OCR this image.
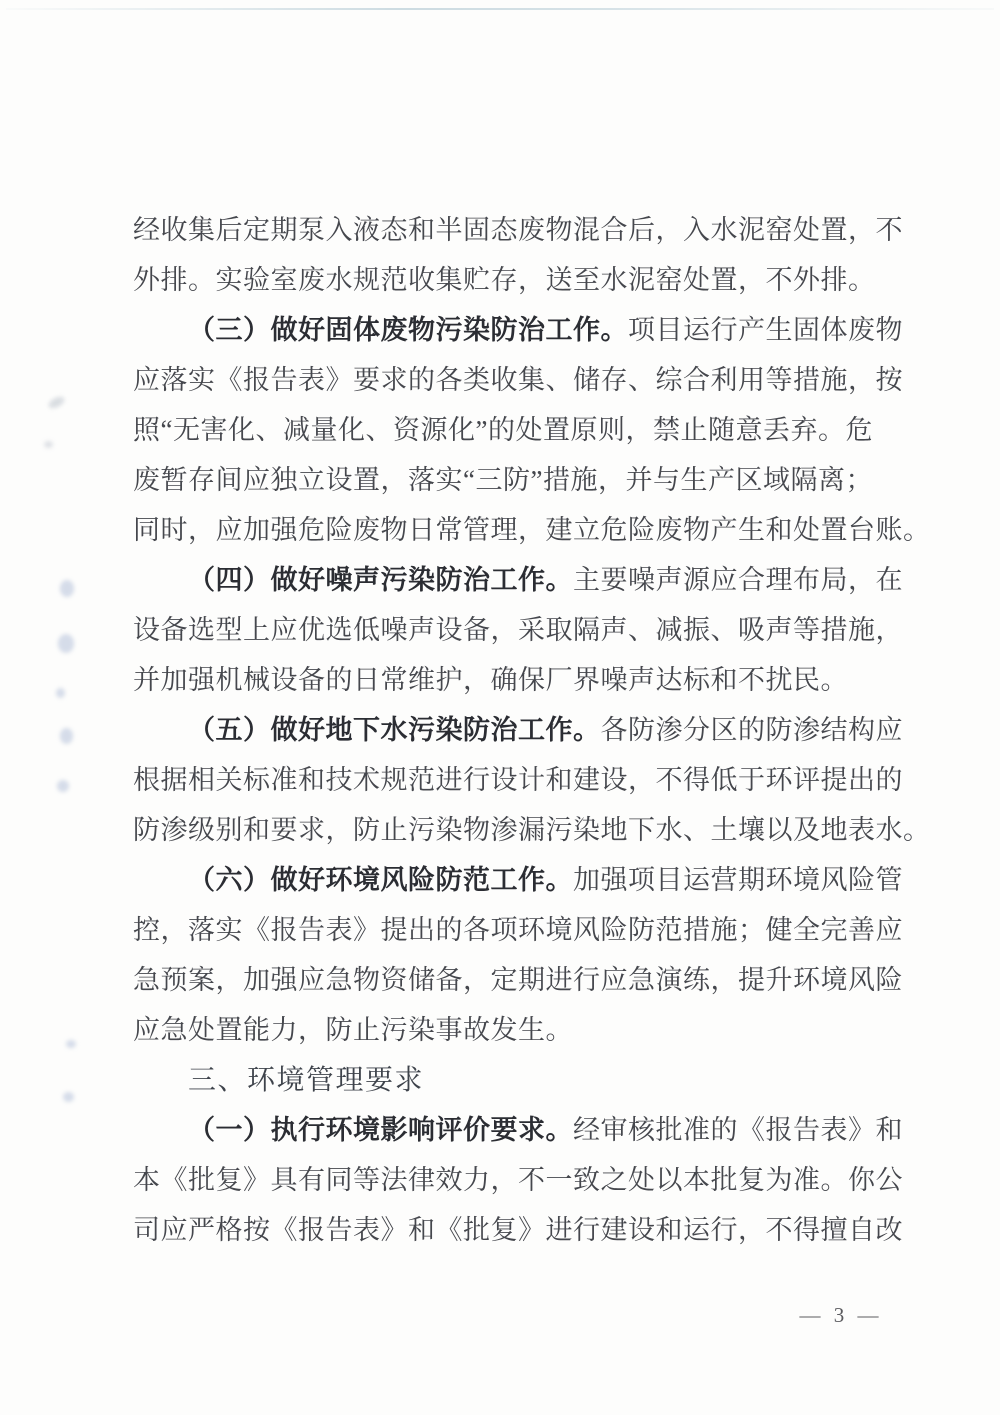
经收集后定期泵入液态和半固态废物混合后，入水泥窑处置，不
外排。实验室废水规范收集贮存，送至水泥窑处置，不外排。
（三）做好固体废物污染防治工作。项目运行产生固体废物
应落实《报告表》要求的各类收集、储存、综合利用等措施，按
照“无害化、减量化、资源化”的处置原则，禁止随意丢弃。危
废暂存间应独立设置，落实“三防”措施，并与生产区域隔离；
同时，应加强危险废物日常管理，建立危险废物产生和处置台账。
（四）做好噪声污染防治工作。主要噪声源应合理布局，在
设备选型上应优选低噪声设备，采取隔声、减振、吸声等措施，
并加强机械设备的日常维护，确保厂界噪声达标和不扰民。
（五）做好地下水污染防治工作。各防渗分区的防渗结构应
根据相关标准和技术规范进行设计和建设，不得低于环评提出的
防渗级别和要求，防止污染物渗漏污染地下水、土壤以及地表水。
（六）做好环境风险防范工作。加强项目运营期环境风险管
控，落实《报告表》提出的各项环境风险防范措施；健全完善应
急预案，加强应急物资储备，定期进行应急演练，提升环境风险
应急处置能力，防止污染事故发生。
三、环境管理要求
（一）执行环境影响评价要求。经审核批准的《报告表》和
本《批复》具有同等法律效力，不一致之处以本批复为准。你公
司应严格按《报告表》和《批复》进行建设和运行，不得擅自改
— 3 —
